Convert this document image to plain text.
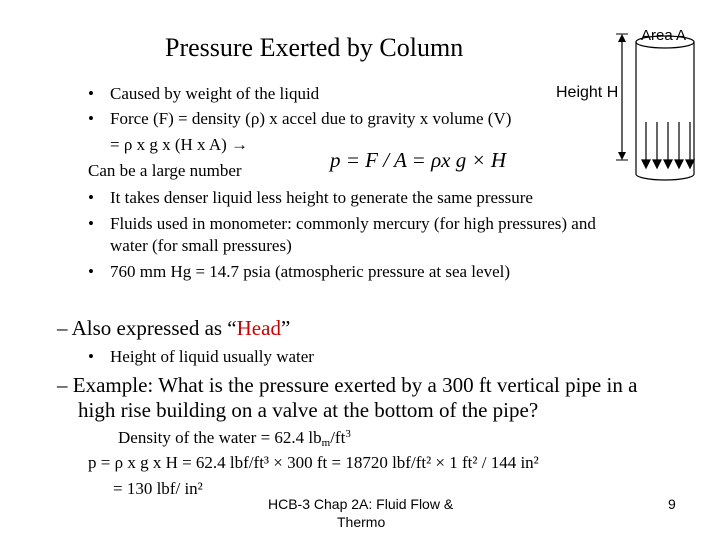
Pressure Exerted by Column	Area A
Height H
• Caused by weight of the liquid
• Force (F) = density (ρ) x accel due to gravity x volume (V)
= ρ x g x (H x A) →
p = F / A = ρx g × H
Can be a large number
• It takes denser liquid less height to generate the same pressure
• Fluids used in monometer: commonly mercury (for high pressures) and
water (for small pressures)
• 760 mm Hg = 14.7 psia (atmospheric pressure at sea level)
– Also expressed as “Head”
• Height of liquid usually water
– Example: What is the pressure exerted by a 300 ft vertical pipe in a
high rise building on a valve at the bottom of the pipe?
Density of the water = 62.4 $lb_m/ft^3$
p = ρ x g x H = 62.4 lbf/ft³ × 300 ft = 18720 lbf/ft² × 1 ft² / 144 in²
= 130 lbf/ in²
HCB-3 Chap 2A: Fluid Flow &
Thermo
9
